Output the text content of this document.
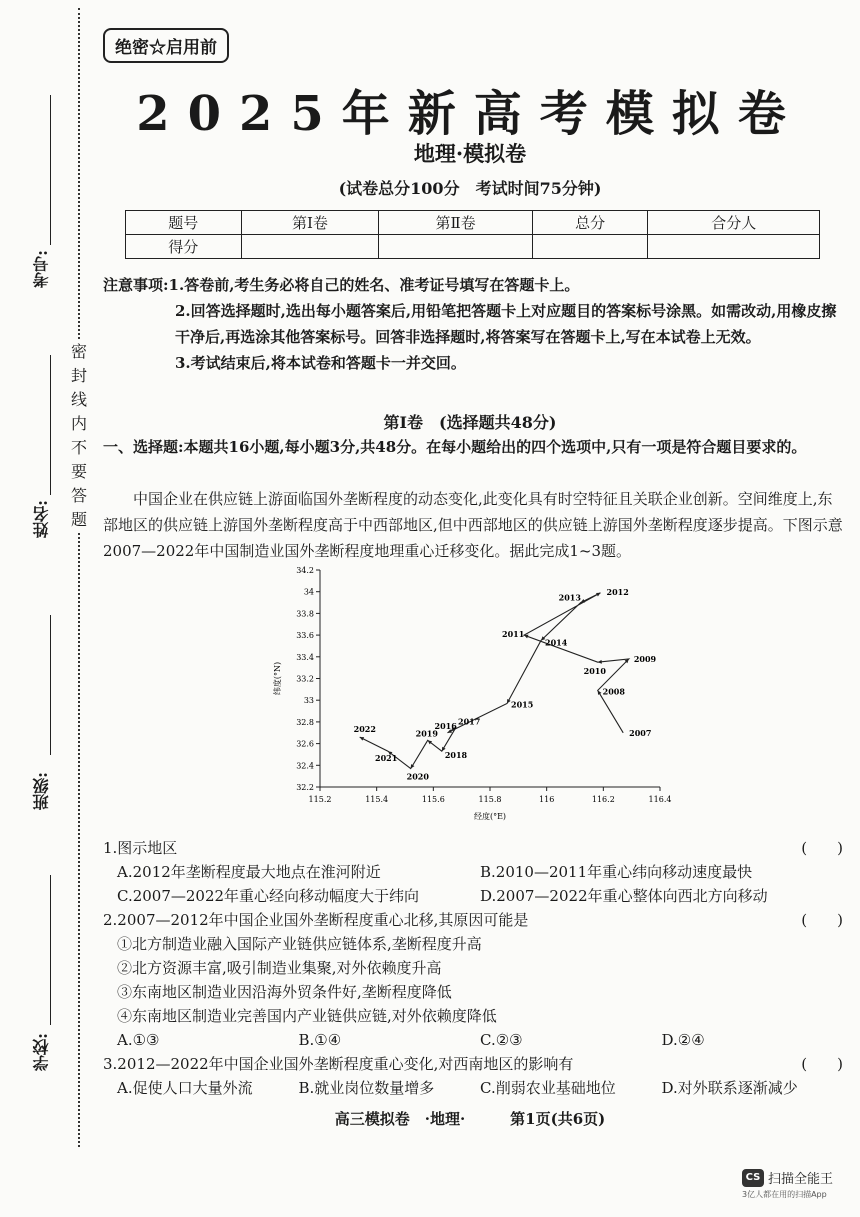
考号:
姓名:
班级:
学校:
密
封
线
内
不
要
答
题
绝密☆启用前
2025年新高考模拟卷
地理·模拟卷
(试卷总分100分　考试时间75分钟)
题号	第Ⅰ卷	第Ⅱ卷	总分	合分人
得分				
注意事项:1.答卷前,考生务必将自己的姓名、准考证号填写在答题卡上。
2.回答选择题时,选出每小题答案后,用铅笔把答题卡上对应题目的答案标号涂黑。如需改动,用橡皮擦干净后,再选涂其他答案标号。回答非选择题时,将答案写在答题卡上,写在本试卷上无效。
3.考试结束后,将本试卷和答题卡一并交回。
第Ⅰ卷　(选择题共48分)
一、选择题:本题共16小题,每小题3分,共48分。在每小题给出的四个选项中,只有一项是符合题目要求的。
中国企业在供应链上游面临国外垄断程度的动态变化,此变化具有时空特征且关联企业创新。空间维度上,东部地区的供应链上游国外垄断程度高于中西部地区,但中西部地区的供应链上游国外垄断程度逐步提高。下图示意2007—2022年中国制造业国外垄断程度地理重心迁移变化。据此完成1~3题。
115.2	115.4	115.6	115.8	116	116.2	116.4
32.2
32.4
32.6
32.8
33
33.2
33.4
33.6
33.8
34
34.2
经度(°E)
纬度(°N)
2007
2008
2009
2010
2011
2012
2013
2014
2015
2016 2017
2018
2019
2020
2021
2022
1.图示地区	(　　)
A.2012年垄断程度最大地点在淮河附近	B.2010—2011年重心纬向移动速度最快
C.2007—2022年重心经向移动幅度大于纬向	D.2007—2022年重心整体向西北方向移动
2.2007—2012年中国企业国外垄断程度重心北移,其原因可能是	(　　)
①北方制造业融入国际产业链供应链体系,垄断程度升高
②北方资源丰富,吸引制造业集聚,对外依赖度升高
③东南地区制造业因沿海外贸条件好,垄断程度降低
④东南地区制造业完善国内产业链供应链,对外依赖度降低
A.①③	B.①④	C.②③	D.②④
3.2012—2022年中国企业国外垄断程度重心变化,对西南地区的影响有	(　　)
A.促使人口大量外流	B.就业岗位数量增多	C.削弱农业基础地位	D.对外联系逐渐减少
高三模拟卷　·地理·　　　第1页(共6页)
CS 扫描全能王
3亿人都在用的扫描App
